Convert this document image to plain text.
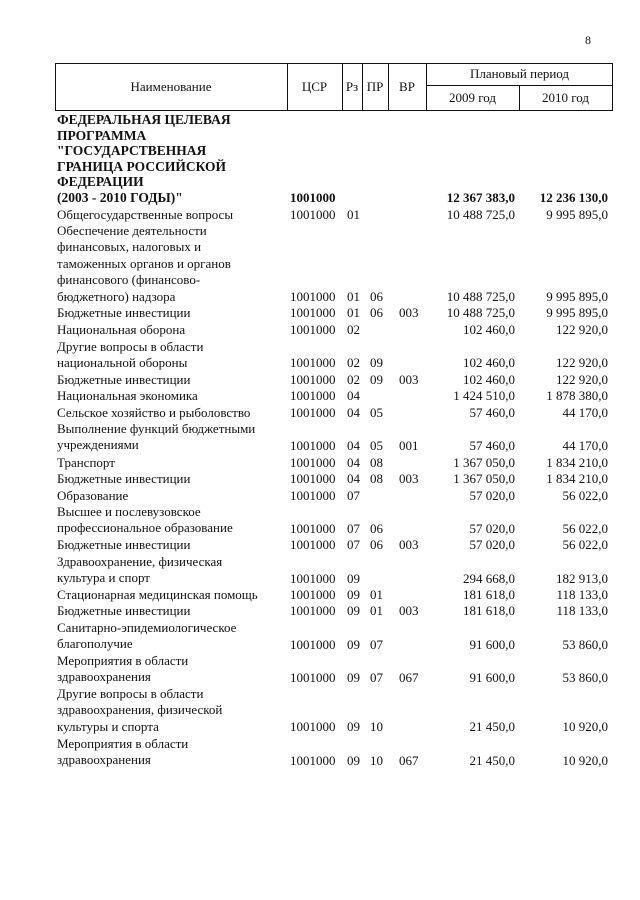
8
Наименование	ЦСР	Рз ПР	ВР
Плановый период
2009 год	2010 год
ФЕДЕРАЛЬНАЯ ЦЕЛЕВАЯ
ПРОГРАММА
"ГОСУДАРСТВЕННАЯ
ГРАНИЦА РОССИЙСКОЙ
ФЕДЕРАЦИИ
(2003 - 2010 ГОДЫ)"	1001000	12 367 383,0	12 236 130,0
Общегосударственные вопросы	1001000 01	10 488 725,0	9 995 895,0
Обеспечение деятельности
финансовых, налоговых и
таможенных органов и органов
финансового (финансово-
бюджетного) надзора	1001000 01 06	10 488 725,0	9 995 895,0
Бюджетные инвестиции	1001000 01 06	003	10 488 725,0	9 995 895,0
Национальная оборона	1001000 02	102 460,0	122 920,0
Другие вопросы в области
национальной обороны	1001000 02 09	102 460,0	122 920,0
Бюджетные инвестиции	1001000 02 09	003	102 460,0	122 920,0
Национальная экономика	1001000 04	1 424 510,0	1 878 380,0
Сельское хозяйство и рыболовство	1001000 04 05	57 460,0	44 170,0
Выполнение функций бюджетными
учреждениями	1001000 04 05	001	57 460,0	44 170,0
Транспорт	1001000 04 08	1 367 050,0	1 834 210,0
Бюджетные инвестиции	1001000 04 08	003	1 367 050,0	1 834 210,0
Образование	1001000 07	57 020,0	56 022,0
Высшее и послевузовское
профессиональное образование	1001000 07 06	57 020,0	56 022,0
Бюджетные инвестиции	1001000 07 06	003	57 020,0	56 022,0
Здравоохранение, физическая
культура и спорт	1001000 09	294 668,0	182 913,0
Стационарная медицинская помощь	1001000 09 01	181 618,0	118 133,0
Бюджетные инвестиции	1001000 09 01	003	181 618,0	118 133,0
Санитарно-эпидемиологическое
благополучие	1001000 09 07	91 600,0	53 860,0
Мероприятия в области
здравоохранения	1001000 09 07	067	91 600,0	53 860,0
Другие вопросы в области
здравоохранения, физической
культуры и спорта	1001000 09 10	21 450,0	10 920,0
Мероприятия в области
здравоохранения	1001000 09 10	067	21 450,0	10 920,0
